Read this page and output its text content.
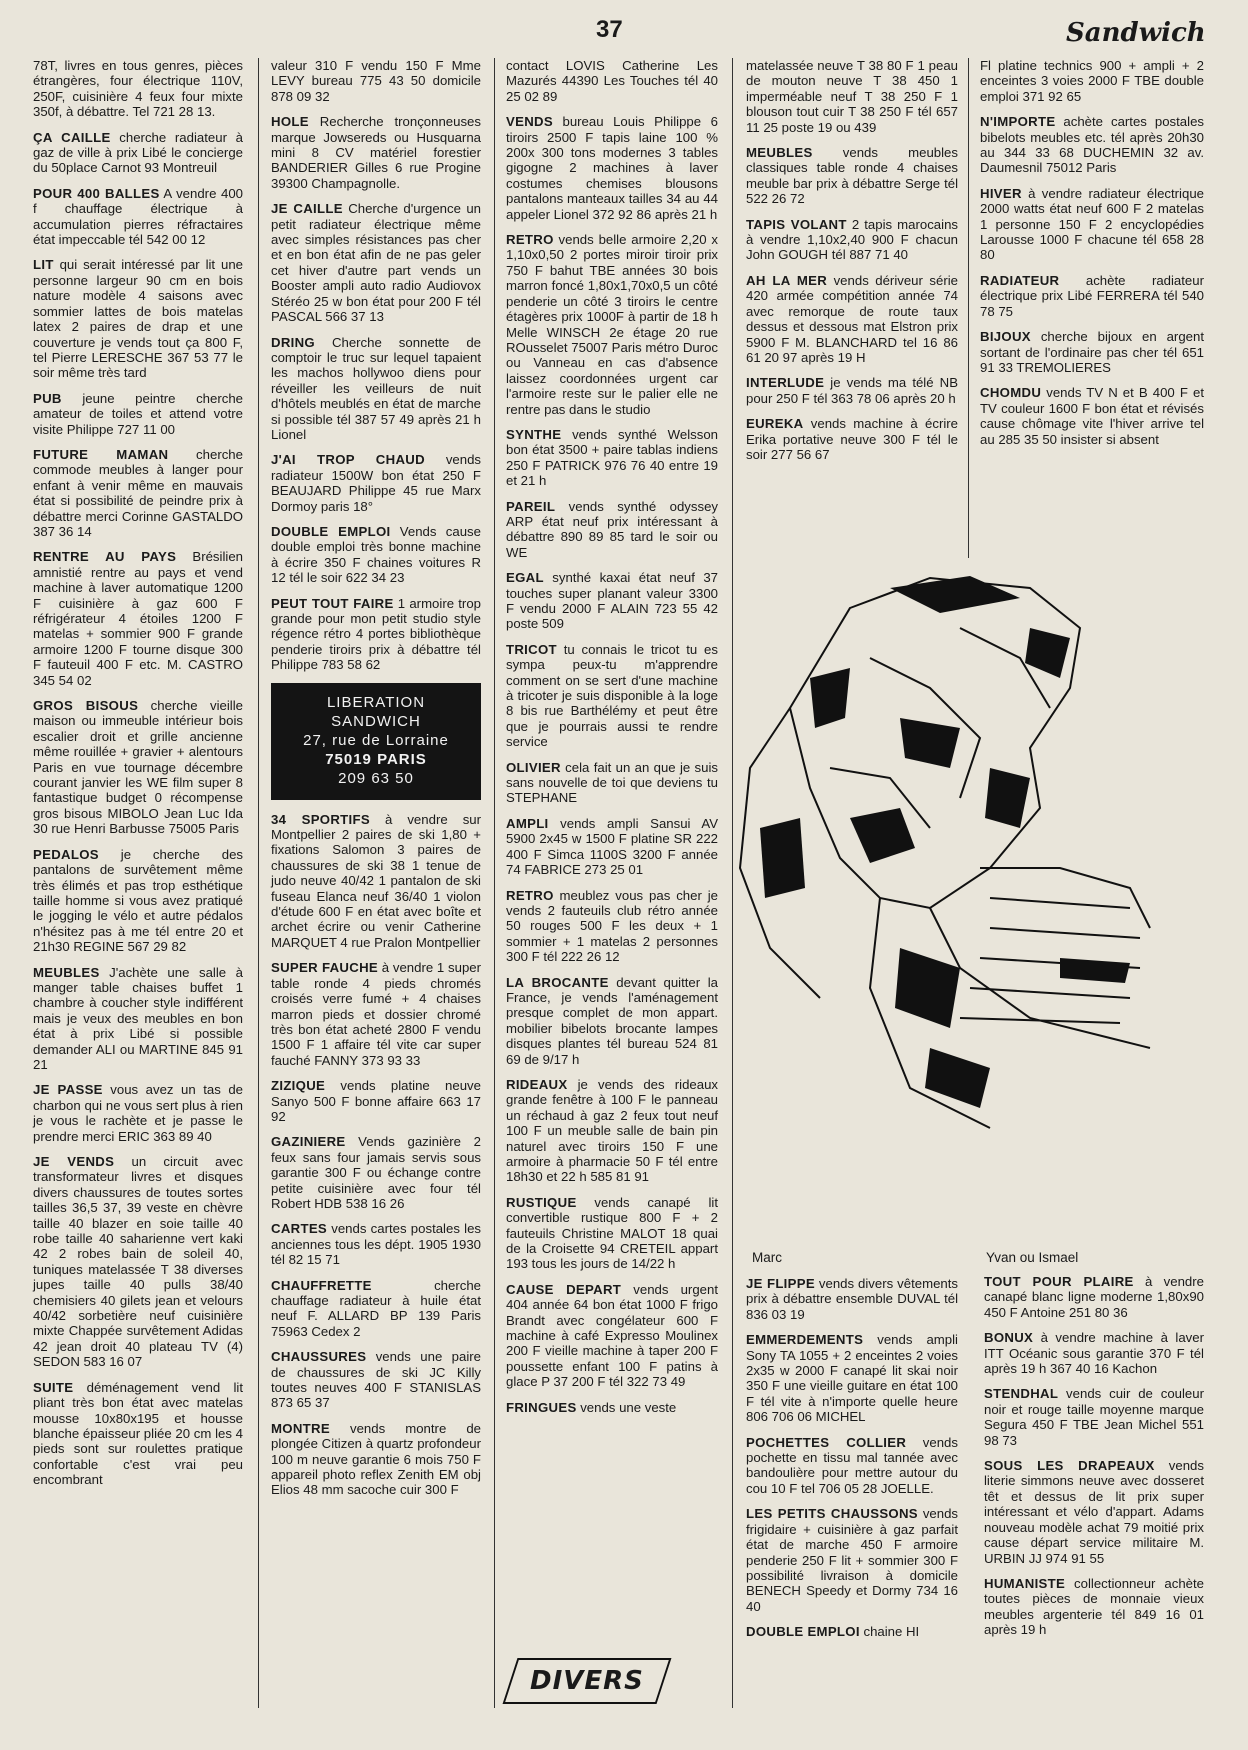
37	Sandwich
78T, livres en tous genres, pièces étrangères, four électrique 110V, 250F, cuisinière 4 feux four mixte 350f, à débattre. Tel 721 28 13.
ÇA CAILLE cherche radiateur à gaz de ville à prix Libé le concierge du 50place Carnot 93 Montreuil
POUR 400 BALLES A vendre 400 f chauffage électrique à accumulation pierres réfractaires état impeccable tél 542 00 12
LIT qui serait intéressé par lit une personne largeur 90 cm en bois nature modèle 4 saisons avec sommier lattes de bois matelas latex 2 paires de drap et une couverture je vends tout ça 800 F, tel Pierre LERESCHE 367 53 77 le soir même très tard
PUB jeune peintre cherche amateur de toiles et attend votre visite Philippe 727 11 00
FUTURE MAMAN cherche commode meubles à langer pour enfant à venir même en mauvais état si possibilité de peindre prix à débattre merci Corinne GASTALDO 387 36 14
RENTRE AU PAYS Brésilien amnistié rentre au pays et vend machine à laver automatique 1200 F cuisinière à gaz 600 F réfrigérateur 4 étoiles 1200 F matelas + sommier 900 F grande armoire 1200 F tourne disque 300 F fauteuil 400 F etc. M. CASTRO 345 54 02
GROS BISOUS cherche vieille maison ou immeuble intérieur bois escalier droit et grille ancienne même rouillée + gravier + alentours Paris en vue tournage décembre courant janvier les WE film super 8 fantastique budget 0 récompense gros bisous MIBOLO Jean Luc Ida 30 rue Henri Barbusse 75005 Paris
PEDALOS je cherche des pantalons de survêtement même très élimés et pas trop esthétique taille homme si vous avez pratiqué le jogging le vélo et autre pédalos n'hésitez pas à me tél entre 20 et 21h30 REGINE 567 29 82
MEUBLES J'achète une salle à manger table chaises buffet 1 chambre à coucher style indifférent mais je veux des meubles en bon état à prix Libé si possible demander ALI ou MARTINE 845 91 21
JE PASSE vous avez un tas de charbon qui ne vous sert plus à rien je vous le rachète et je passe le prendre merci ERIC 363 89 40
JE VENDS un circuit avec transformateur livres et disques divers chaussures de toutes sortes tailles 36,5 37, 39 veste en chèvre taille 40 blazer en soie taille 40 robe taille 40 saharienne vert kaki 42 2 robes bain de soleil 40, tuniques matelassée T 38 diverses jupes taille 40 pulls 38/40 chemisiers 40 gilets jean et velours 40/42 sorbetière neuf cuisinière mixte Chappée survêtement Adidas 42 jean droit 40 plateau TV (4) SEDON 583 16 07
SUITE déménagement vend lit pliant très bon état avec matelas mousse 10x80x195 et housse blanche épaisseur pliée 20 cm les 4 pieds sont sur roulettes pratique confortable c'est vrai peu encombrant
valeur 310 F vendu 150 F Mme LEVY bureau 775 43 50 domicile 878 09 32
HOLE Recherche tronçonneuses marque Jowsereds ou Husquarna mini 8 CV matériel forestier BANDERIER Gilles 6 rue Progine 39300 Champagnolle.
JE CAILLE Cherche d'urgence un petit radiateur électrique même avec simples résistances pas cher et en bon état afin de ne pas geler cet hiver d'autre part vends un Booster ampli auto radio Audiovox Stéréo 25 w bon état pour 200 F tél PASCAL 566 37 13
DRING Cherche sonnette de comptoir le truc sur lequel tapaient les machos hollywoo diens pour réveiller les veilleurs de nuit d'hôtels meublés en état de marche si possible tél 387 57 49 après 21 h Lionel
J'AI TROP CHAUD vends radiateur 1500W bon état 250 F BEAUJARD Philippe 45 rue Marx Dormoy paris 18°
DOUBLE EMPLOI Vends cause double emploi très bonne machine à écrire 350 F chaines voitures R 12 tél le soir 622 34 23
PEUT TOUT FAIRE 1 armoire trop grande pour mon petit studio style régence rétro 4 portes bibliothèque penderie tiroirs prix à débattre tél Philippe 783 58 62
LIBERATION
SANDWICH
27, rue de Lorraine
75019 PARIS
209 63 50
34 SPORTIFS à vendre sur Montpellier 2 paires de ski 1,80 + fixations Salomon 3 paires de chaussures de ski 38 1 tenue de judo neuve 40/42 1 pantalon de ski fuseau Elanca neuf 36/40 1 violon d'étude 600 F en état avec boîte et archet écrire ou venir Catherine MARQUET 4 rue Pralon Montpellier
SUPER FAUCHE à vendre 1 super table ronde 4 pieds chromés croisés verre fumé + 4 chaises marron pieds et dossier chromé très bon état acheté 2800 F vendu 1500 F 1 affaire tél vite car super fauché FANNY 373 93 33
ZIZIQUE vends platine neuve Sanyo 500 F bonne affaire 663 17 92
GAZINIERE Vends gazinière 2 feux sans four jamais servis sous garantie 300 F ou échange contre petite cuisinière avec four tél Robert HDB 538 16 26
CARTES vends cartes postales les anciennes tous les dépt. 1905 1930 tél 82 15 71
CHAUFFRETTE cherche chauffage radiateur à huile état neuf F. ALLARD BP 139 Paris 75963 Cedex 2
CHAUSSURES vends une paire de chaussures de ski JC Killy toutes neuves 400 F STANISLAS 873 65 37
MONTRE vends montre de plongée Citizen à quartz profondeur 100 m neuve garantie 6 mois 750 F appareil photo reflex Zenith EM obj Elios 48 mm sacoche cuir 300 F
contact LOVIS Catherine Les Mazurés 44390 Les Touches tél 40 25 02 89
VENDS bureau Louis Philippe 6 tiroirs 2500 F tapis laine 100 % 200x 300 tons modernes 3 tables gigogne 2 machines à laver costumes chemises blousons pantalons manteaux tailles 34 au 44 appeler Lionel 372 92 86 après 21 h
RETRO vends belle armoire 2,20 x 1,10x0,50 2 portes miroir tiroir prix 750 F bahut TBE années 30 bois marron foncé 1,80x1,70x0,5 un côté penderie un côté 3 tiroirs le centre étagères prix 1000F à partir de 18 h Melle WINSCH 2e étage 20 rue ROusselet 75007 Paris métro Duroc ou Vanneau en cas d'absence laissez coordonnées urgent car l'armoire reste sur le palier elle ne rentre pas dans le studio
SYNTHE vends synthé Welsson bon état 3500 + paire tablas indiens 250 F PATRICK 976 76 40 entre 19 et 21 h
PAREIL vends synthé odyssey ARP état neuf prix intéressant à débattre 890 89 85 tard le soir ou WE
EGAL synthé kaxai état neuf 37 touches super planant valeur 3300 F vendu 2000 F ALAIN 723 55 42 poste 509
TRICOT tu connais le tricot tu es sympa peux-tu m'apprendre comment on se sert d'une machine à tricoter je suis disponible à la loge 8 bis rue Barthélémy et peut être que je pourrais aussi te rendre service
OLIVIER cela fait un an que je suis sans nouvelle de toi que deviens tu STEPHANE
AMPLI vends ampli Sansui AV 5900 2x45 w 1500 F platine SR 222 400 F Simca 1100S 3200 F année 74 FABRICE 273 25 01
RETRO meublez vous pas cher je vends 2 fauteuils club rétro année 50 rouges 500 F les deux + 1 sommier + 1 matelas 2 personnes 300 F tél 222 26 12
LA BROCANTE devant quitter la France, je vends l'aménagement presque complet de mon appart. mobilier bibelots brocante lampes disques plantes tél bureau 524 81 69 de 9/17 h
RIDEAUX je vends des rideaux grande fenêtre à 100 F le panneau un réchaud à gaz 2 feux tout neuf 100 F un meuble salle de bain pin naturel avec tiroirs 150 F une armoire à pharmacie 50 F tél entre 18h30 et 22 h 585 81 91
RUSTIQUE vends canapé lit convertible rustique 800 F + 2 fauteuils Christine MALOT 18 quai de la Croisette 94 CRETEIL appart 193 tous les jours de 14/22 h
CAUSE DEPART vends urgent 404 année 64 bon état 1000 F frigo Brandt avec congélateur 600 F machine à café Expresso Moulinex 200 F vieille machine à taper 200 F poussette enfant 100 F patins à glace P 37 200 F tél 322 73 49
FRINGUES vends une veste
matelassée neuve T 38 80 F 1 peau de mouton neuve T 38 450 1 imperméable neuf T 38 250 F 1 blouson tout cuir T 38 250 F tél 657 11 25 poste 19 ou 439
MEUBLES vends meubles classiques table ronde 4 chaises meuble bar prix à débattre Serge tél 522 26 72
TAPIS VOLANT 2 tapis marocains à vendre 1,10x2,40 900 F chacun John GOUGH tél 887 71 40
AH LA MER vends dériveur série 420 armée compétition année 74 avec remorque de route taux dessus et dessous mat Elstron prix 5900 F M. BLANCHARD tel 16 86 61 20 97 après 19 H
INTERLUDE je vends ma télé NB pour 250 F tél 363 78 06 après 20 h
EUREKA vends machine à écrire Erika portative neuve 300 F tél le soir 277 56 67
Fl platine technics 900 + ampli + 2 enceintes 3 voies 2000 F TBE double emploi 371 92 65
N'IMPORTE achète cartes postales bibelots meubles etc. tél après 20h30 au 344 33 68 DUCHEMIN 32 av. Daumesnil 75012 Paris
HIVER à vendre radiateur électrique 2000 watts état neuf 600 F 2 matelas 1 personne 150 F 2 encyclopédies Larousse 1000 F chacune tél 658 28 80
RADIATEUR achète radiateur électrique prix Libé FERRERA tél 540 78 75
BIJOUX cherche bijoux en argent sortant de l'ordinaire pas cher tél 651 91 33 TREMOLIERES
CHOMDU vends TV N et B 400 F et TV couleur 1600 F bon état et révisés cause chômage vite l'hiver arrive tel au 285 35 50 insister si absent
Marc	Yvan ou Ismael
JE FLIPPE vends divers vêtements prix à débattre ensemble DUVAL tél 836 03 19
EMMERDEMENTS vends ampli Sony TA 1055 + 2 enceintes 2 voies 2x35 w 2000 F canapé lit skai noir 350 F une vieille guitare en état 100 F tél vite à n'importe quelle heure 806 706 06 MICHEL
POCHETTES COLLIER vends pochette en tissu mal tannée avec bandoulière pour mettre autour du cou 10 F tel 706 05 28 JOELLE.
LES PETITS CHAUSSONS vends frigidaire + cuisinière à gaz parfait état de marche 450 F armoire penderie 250 F lit + sommier 300 F possibilité livraison à domicile BENECH Speedy et Dormy 734 16 40
DOUBLE EMPLOI chaine HI
TOUT POUR PLAIRE à vendre canapé blanc ligne moderne 1,80x90 450 F Antoine 251 80 36
BONUX à vendre machine à laver ITT Océanic sous garantie 370 F tél après 19 h 367 40 16 Kachon
STENDHAL vends cuir de couleur noir et rouge taille moyenne marque Segura 450 F TBE Jean Michel 551 98 73
SOUS LES DRAPEAUX vends literie simmons neuve avec dosseret têt et dessus de lit prix super intéressant et vélo d'appart. Adams nouveau modèle achat 79 moitié prix cause départ service militaire M. URBIN JJ 974 91 55
HUMANISTE collectionneur achète toutes pièces de monnaie vieux meubles argenterie tél 849 16 01 après 19 h
DIVERS
